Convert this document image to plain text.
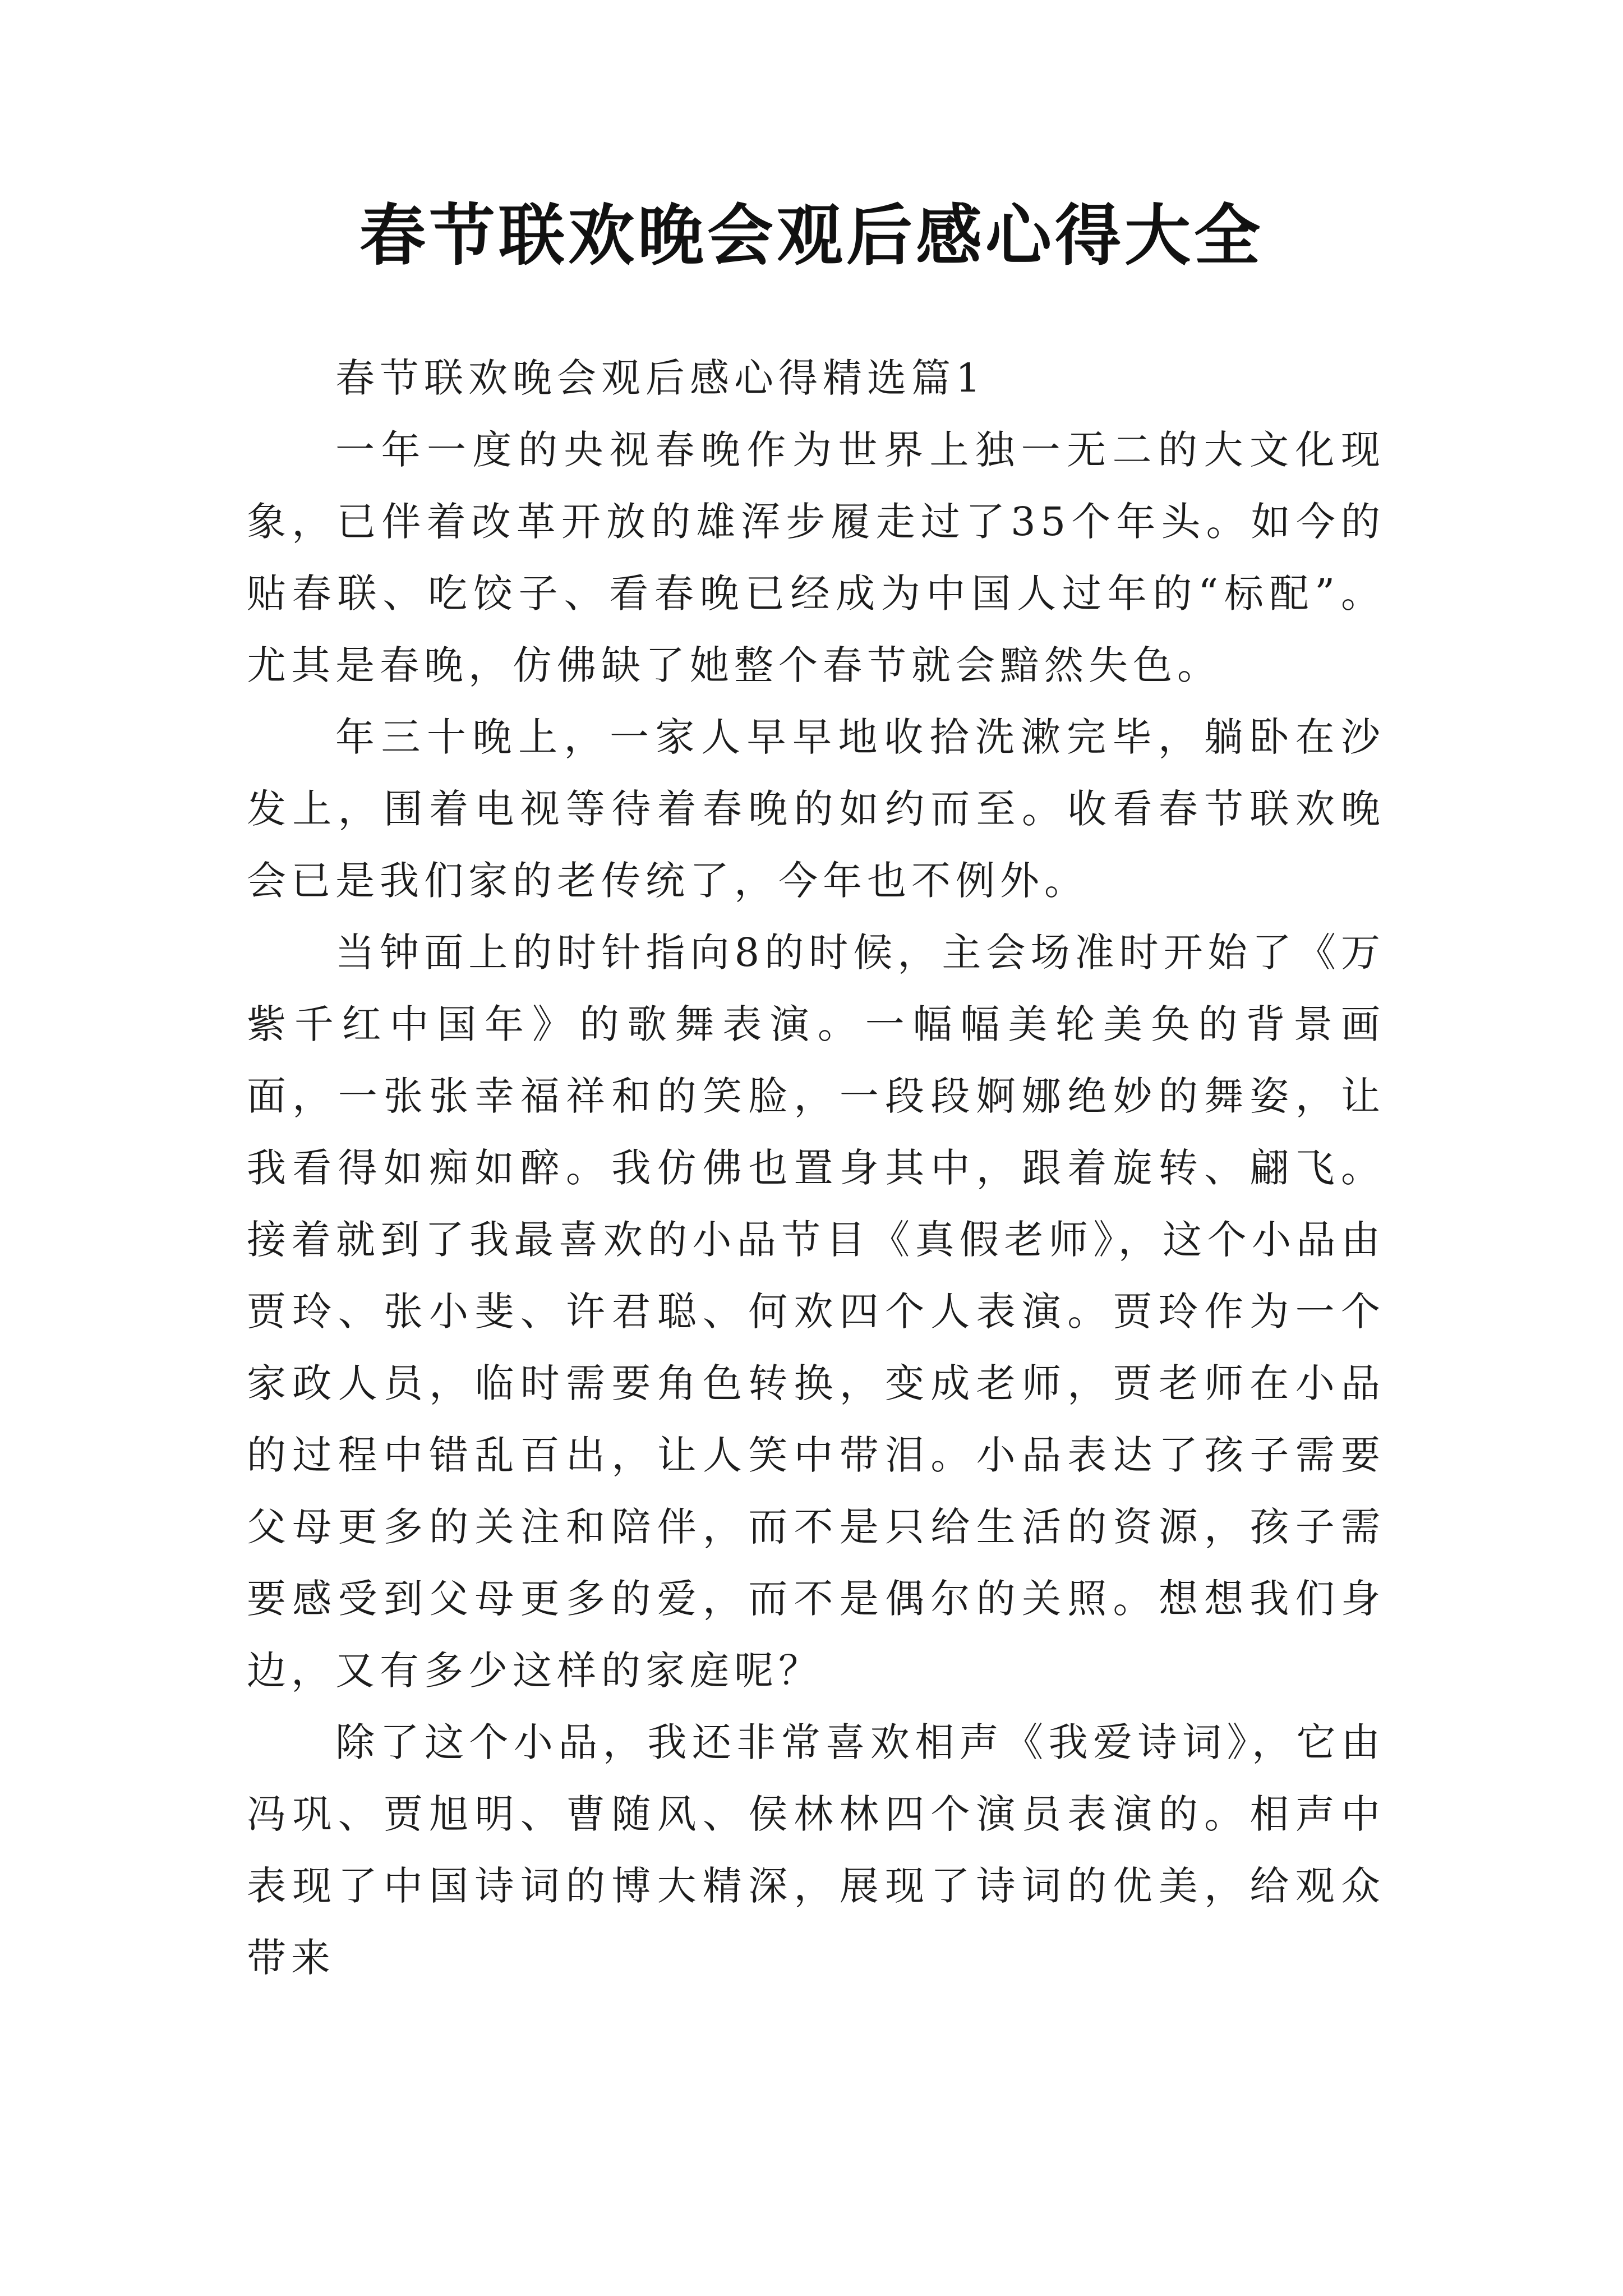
春节联欢晚会观后感心得大全

春节联欢晚会观后感心得精选篇1

一年一度的央视春晚作为世界上独一无二的大文化现象，已伴着改革开放的雄浑步履走过了35个年头。如今的贴春联、吃饺子、看春晚已经成为中国人过年的“标配”。尤其是春晚，仿佛缺了她整个春节就会黯然失色。

年三十晚上，一家人早早地收拾洗漱完毕，躺卧在沙发上，围着电视等待着春晚的如约而至。收看春节联欢晚会已是我们家的老传统了，今年也不例外。

当钟面上的时针指向8的时候，主会场准时开始了《万紫千红中国年》的歌舞表演。一幅幅美轮美奂的背景画面，一张张幸福祥和的笑脸，一段段婀娜绝妙的舞姿，让我看得如痴如醉。我仿佛也置身其中，跟着旋转、翩飞。接着就到了我最喜欢的小品节目《真假老师》，这个小品由贾玲、张小斐、许君聪、何欢四个人表演。贾玲作为一个家政人员，临时需要角色转换，变成老师，贾老师在小品的过程中错乱百出，让人笑中带泪。小品表达了孩子需要父母更多的关注和陪伴，而不是只给生活的资源，孩子需要感受到父母更多的爱，而不是偶尔的关照。想想我们身边，又有多少这样的家庭呢？

除了这个小品，我还非常喜欢相声《我爱诗词》，它由冯巩、贾旭明、曹随风、侯林林四个演员表演的。相声中表现了中国诗词的博大精深，展现了诗词的优美，给观众带来
